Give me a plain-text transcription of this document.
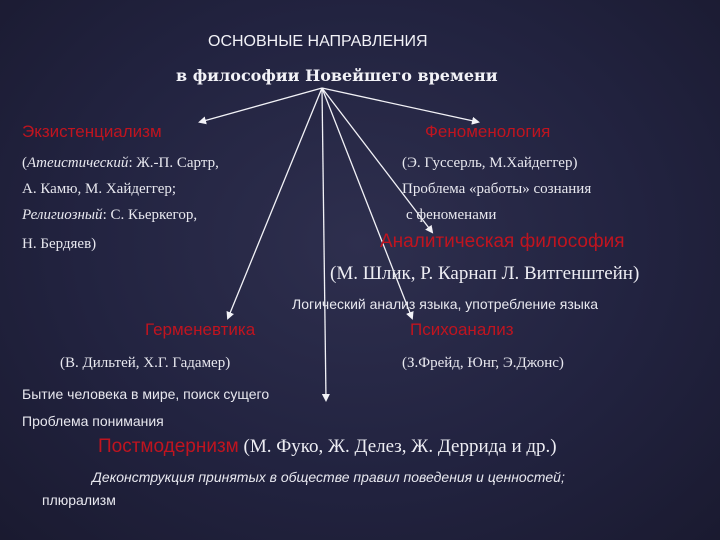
ОСНОВНЫЕ НАПРАВЛЕНИЯ
в философии Новейшего времени
Экзистенциализм
(Атеистический: Ж.-П. Сартр,
А. Камю, М. Хайдеггер;
Религиозный: С. Кьеркегор,
Н. Бердяев)
Феноменология
(Э. Гуссерль, М.Хайдеггер)
Проблема «работы» сознания
с феноменами
Аналитическая философия
(М. Шлик, Р. Карнап Л. Витгенштейн)
Логический анализ языка, употребление языка
Герменевтика
(В. Дильтей, Х.Г. Гадамер)
Бытие человека в мире, поиск сущего
Проблема понимания
Психоанализ
(З.Фрейд, Юнг, Э.Джонс)
Постмодернизм (М. Фуко, Ж. Делез, Ж. Деррида и др.)
Деконструкция принятых в обществе правил поведения и ценностей;
плюрализм
